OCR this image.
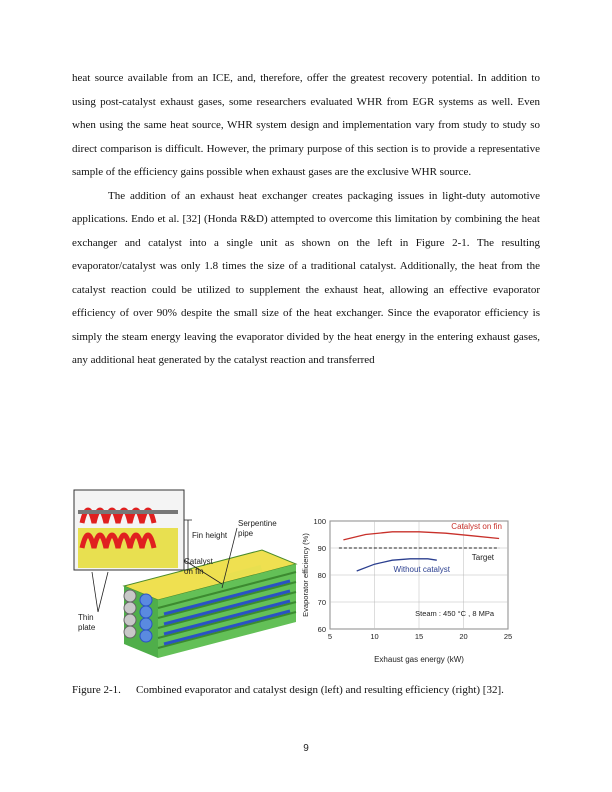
heat source available from an ICE, and, therefore, offer the greatest recovery potential. In addition to using post-catalyst exhaust gases, some researchers evaluated WHR from EGR systems as well. Even when using the same heat source, WHR system design and implementation vary from study to study so direct comparison is difficult. However, the primary purpose of this section is to provide a representative sample of the efficiency gains possible when exhaust gases are the exclusive WHR source.

The addition of an exhaust heat exchanger creates packaging issues in light-duty automotive applications. Endo et al. [32] (Honda R&D) attempted to overcome this limitation by combining the heat exchanger and catalyst into a single unit as shown on the left in Figure 2-1. The resulting evaporator/catalyst was only 1.8 times the size of a traditional catalyst. Additionally, the heat from the catalyst reaction could be utilized to supplement the exhaust heat, allowing an effective evaporator efficiency of over 90% despite the small size of the heat exchanger. Since the evaporator efficiency is simply the steam energy leaving the evaporator divided by the heat energy in the entering exhaust gases, any additional heat generated by the catalyst reaction and transferred

Serpentine
pipe
Fin height
Catalyst
on fin
Thin
plate	60
70
80
90
100
5	10	15	20	25
Evaporator efficiency (%)
Exhaust gas energy (kW)
Steam : 450 °C , 8 MPa
Catalyst on fin
Without catalyst
Target
Figure 2-1. Combined evaporator and catalyst design (left) and resulting efficiency (right) [32].
9
